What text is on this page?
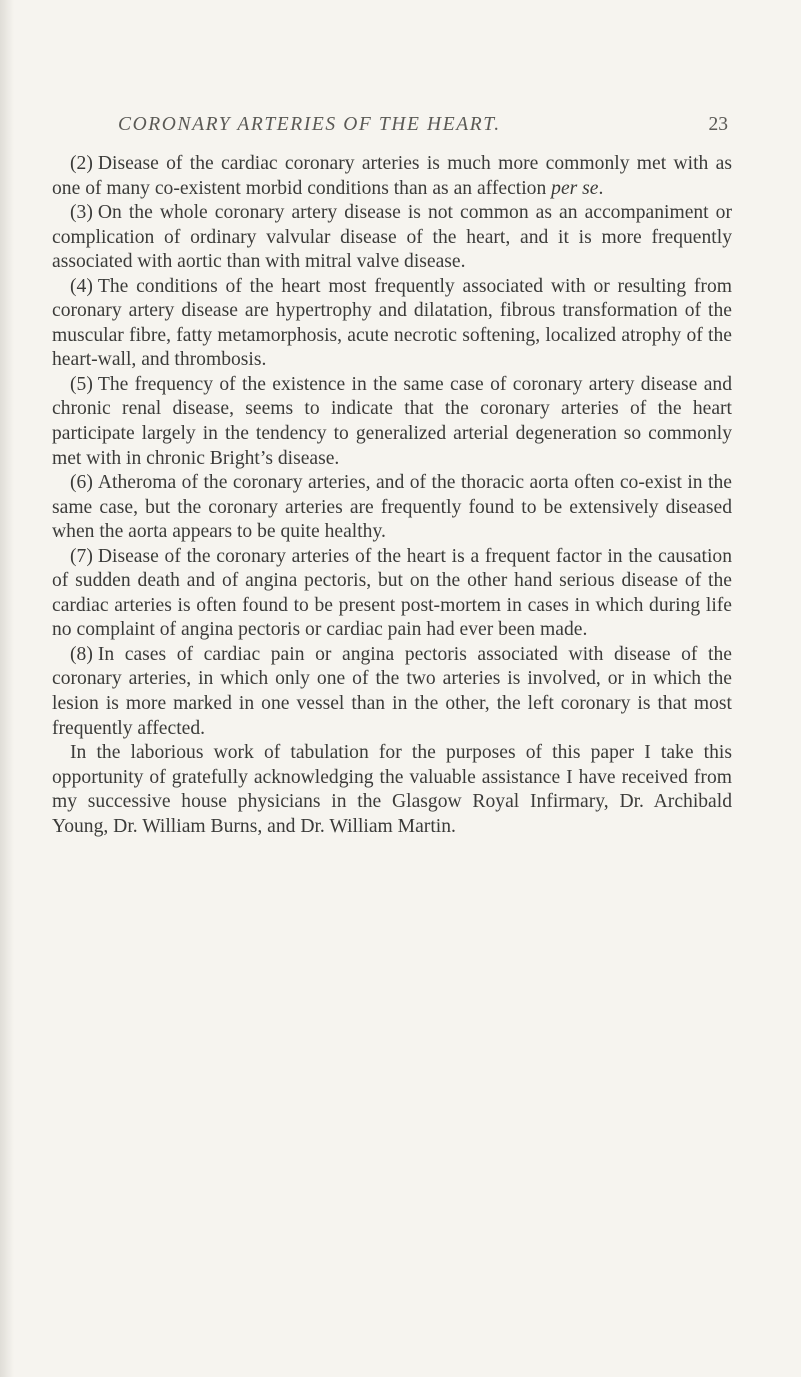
CORONARY ARTERIES OF THE HEART.	23

(2) Disease of the cardiac coronary arteries is much more commonly met with as one of many co-existent morbid conditions than as an affection per se.

(3) On the whole coronary artery disease is not common as an accompaniment or complication of ordinary valvular disease of the heart, and it is more frequently associated with aortic than with mitral valve disease.

(4) The conditions of the heart most frequently associated with or resulting from coronary artery disease are hypertrophy and dilatation, fibrous transformation of the muscular fibre, fatty metamorphosis, acute necrotic softening, localized atrophy of the heart-wall, and thrombosis.

(5) The frequency of the existence in the same case of coronary artery disease and chronic renal disease, seems to indicate that the coronary arteries of the heart participate largely in the tendency to generalized arterial degeneration so commonly met with in chronic Bright’s disease.

(6) Atheroma of the coronary arteries, and of the thoracic aorta often co-exist in the same case, but the coronary arteries are frequently found to be extensively diseased when the aorta appears to be quite healthy.

(7) Disease of the coronary arteries of the heart is a frequent factor in the causation of sudden death and of angina pectoris, but on the other hand serious disease of the cardiac arteries is often found to be present post-mortem in cases in which during life no complaint of angina pectoris or cardiac pain had ever been made.

(8) In cases of cardiac pain or angina pectoris associated with disease of the coronary arteries, in which only one of the two arteries is involved, or in which the lesion is more marked in one vessel than in the other, the left coronary is that most frequently affected.

In the laborious work of tabulation for the purposes of this paper I take this opportunity of gratefully acknowledging the valuable assistance I have received from my successive house physicians in the Glasgow Royal Infirmary, Dr. Archibald Young, Dr. William Burns, and Dr. William Martin.
